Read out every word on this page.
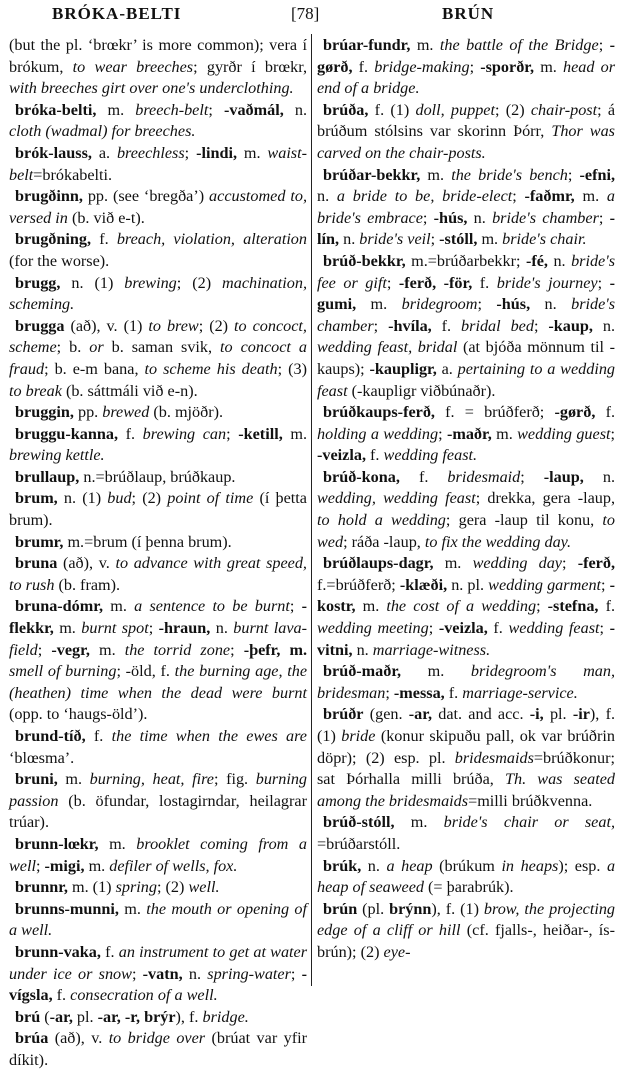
BRÓKA-BELTI	[78]	BRÚN

(but the pl. ‘brœkr’ is more common); vera í brókum, to wear breeches; gyrðr í brœkr, with breeches girt over one's underclothing.

bróka-belti, m. breech-belt; -vaðmál, n. cloth (wadmal) for breeches.

brók-lauss, a. breechless; -lindi, m. waist-belt=brókabelti.

brugðinn, pp. (see ‘bregða’) accustomed to, versed in (b. við e-t).

brugðning, f. breach, violation, alteration (for the worse).

brugg, n. (1) brewing; (2) machination, scheming.

brugga (að), v. (1) to brew; (2) to concoct, scheme; b. or b. saman svik, to concoct a fraud; b. e-m bana, to scheme his death; (3) to break (b. sáttmáli við e-n).

bruggin, pp. brewed (b. mjöðr).

bruggu-kanna, f. brewing can; -ketill, m. brewing kettle.

brullaup, n.=brúðlaup, brúðkaup.

brum, n. (1) bud; (2) point of time (í þetta brum).

brumr, m.=brum (í þenna brum).

bruna (að), v. to advance with great speed, to rush (b. fram).

bruna-dómr, m. a sentence to be burnt; -flekkr, m. burnt spot; -hraun, n. burnt lava-field; -vegr, m. the torrid zone; -þefr, m. smell of burning; -öld, f. the burning age, the (heathen) time when the dead were burnt (opp. to ‘haugs-öld’).

brund-tíð, f. the time when the ewes are ‘blœsma’.

bruni, m. burning, heat, fire; fig. burning passion (b. öfundar, lostagirndar, heilagrar trúar).

brunn-lœkr, m. brooklet coming from a well; -migi, m. defiler of wells, fox.

brunnr, m. (1) spring; (2) well.

brunns-munni, m. the mouth or opening of a well.

brunn-vaka, f. an instrument to get at water under ice or snow; -vatn, n. spring-water; -vígsla, f. consecration of a well.

brú (-ar, pl. -ar, -r, brýr), f. bridge.

brúa (að), v. to bridge over (brúat var yfir díkit).

brúar-fundr, m. the battle of the Bridge; -gørð, f. bridge-making; -sporðr, m. head or end of a bridge.

brúða, f. (1) doll, puppet; (2) chair-post; á brúðum stólsins var skorinn Þórr, Thor was carved on the chair-posts.

brúðar-bekkr, m. the bride's bench; -efni, n. a bride to be, bride-elect; -faðmr, m. a bride's embrace; -hús, n. bride's chamber; -lín, n. bride's veil; -stóll, m. bride's chair.

brúð-bekkr, m.=brúðarbekkr; -fé, n. bride's fee or gift; -ferð, -för, f. bride's journey; -gumi, m. bridegroom; -hús, n. bride's chamber; -hvíla, f. bridal bed; -kaup, n. wedding feast, bridal (at bjóða mönnum til -kaups); -kaupligr, a. pertaining to a wedding feast (-kaupligr viðbúnaðr).

brúðkaups-ferð, f. = brúðferð; -gørð, f. holding a wedding; -maðr, m. wedding guest; -veizla, f. wedding feast.

brúð-kona, f. bridesmaid; -laup, n. wedding, wedding feast; drekka, gera -laup, to hold a wedding; gera -laup til konu, to wed; ráða -laup, to fix the wedding day.

brúðlaups-dagr, m. wedding day; -ferð, f.=brúðferð; -klæði, n. pl. wedding garment; -kostr, m. the cost of a wedding; -stefna, f. wedding meeting; -veizla, f. wedding feast; -vitni, n. marriage-witness.

brúð-maðr, m. bridegroom's man, bridesman; -messa, f. marriage-service.

brúðr (gen. -ar, dat. and acc. -i, pl. -ir), f. (1) bride (konur skipuðu pall, ok var brúðrin döpr); (2) esp. pl. bridesmaids=brúðkonur; sat Þórhalla milli brúða, Th. was seated among the bridesmaids=milli brúðkvenna.

brúð-stóll, m. bride's chair or seat, =brúðarstóll.

brúk, n. a heap (brúkum in heaps); esp. a heap of seaweed (= þarabrúk).

brún (pl. brýnn), f. (1) brow, the projecting edge of a cliff or hill (cf. fjalls-, heiðar-, ís-brún); (2) eye-
